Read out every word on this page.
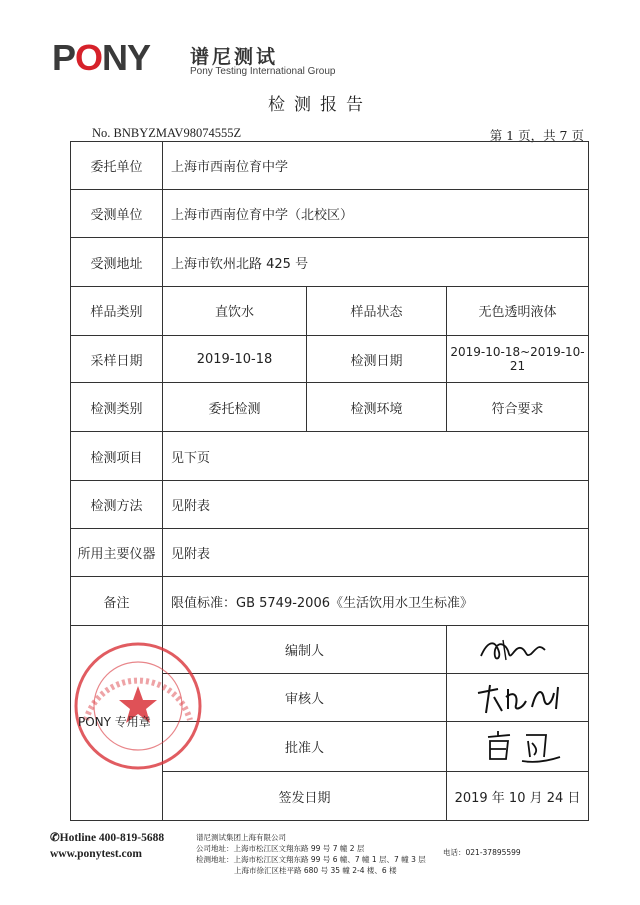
PONY 谱尼测试
Pony Testing International Group
检测报告
No. BNBYZMAV98074555Z	第 1 页，共 7 页
委托单位	上海市西南位育中学		
受测单位	上海市西南位育中学（北校区）		
受测地址	上海市钦州北路 425 号		
样品类别	直饮水	样品状态	无色透明液体
采样日期	2019-10-18	检测日期	2019-10-18~2019-10-21
检测类别	委托检测	检测环境	符合要求
检测项目	见下页		
检测方法	见附表		
所用主要仪器	见附表		
备注	限值标准：GB 5749-2006《生活饮用水卫生标准》		
	编制人	

	审核人	

	批准人	

	签发日期		2019 年 10 月 24 日
PONY 专用章
✆Hotline 400-819-5688
www.ponytest.com
谱尼测试集团上海有限公司
公司地址：上海市松江区文翔东路 99 号 7 幢 2 层	电话：021-37895599
检测地址：上海市松江区文翔东路 99 号 6 幢、7 幢 1 层、7 幢 3 层
上海市徐汇区桂平路 680 号 35 幢 2-4 楼、6 楼
